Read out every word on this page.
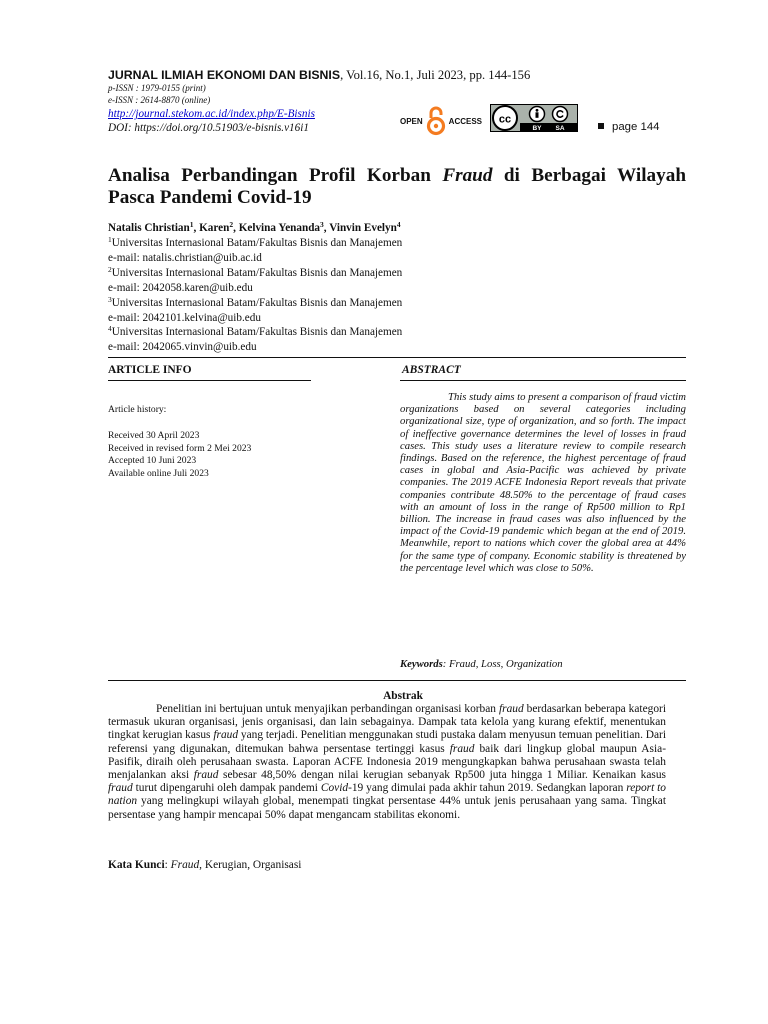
JURNAL ILMIAH EKONOMI DAN BISNIS, Vol.16, No.1, Juli 2023, pp. 144-156
p-ISSN : 1979-0155 (print)
e-ISSN : 2614-8870 (online)
http://journal.stekom.ac.id/index.php/E-Bisnis
DOI: https://doi.org/10.51903/e-bisnis.v16i1
OPEN	ACCESS cc
BY SA	page 144
Analisa Perbandingan Profil Korban Fraud di Berbagai Wilayah Pasca Pandemi Covid-19
Natalis Christian$^1$, Karen$^2$, Kelvina Yenanda$^3$, Vinvin Evelyn$^4$
$^1$Universitas Internasional Batam/Fakultas Bisnis dan Manajemen
e-mail: natalis.christian@uib.ac.id
$^2$Universitas Internasional Batam/Fakultas Bisnis dan Manajemen
e-mail: 2042058.karen@uib.edu
$^3$Universitas Internasional Batam/Fakultas Bisnis dan Manajemen
e-mail: 2042101.kelvina@uib.edu
$^4$Universitas Internasional Batam/Fakultas Bisnis dan Manajemen
e-mail: 2042065.vinvin@uib.edu
ARTICLE INFO	ABSTRACT
Article history:
Received 30 April 2023
Received in revised form 2 Mei 2023
Accepted 10 Juni 2023
Available online Juli 2023
This study aims to present a comparison of fraud victim organizations based on several categories including organizational size, type of organization, and so forth. The impact of ineffective governance determines the level of losses in fraud cases. This study uses a literature review to compile research findings. Based on the reference, the highest percentage of fraud cases in global and Asia-Pacific was achieved by private companies. The 2019 ACFE Indonesia Report reveals that private companies contribute 48.50% to the percentage of fraud cases with an amount of loss in the range of Rp500 million to Rp1 billion. The increase in fraud cases was also influenced by the impact of the Covid-19 pandemic which began at the end of 2019. Meanwhile, report to nations which cover the global area at 44% for the same type of company. Economic stability is threatened by the percentage level which was close to 50%.
Keywords: Fraud, Loss, Organization
Abstrak
Penelitian ini bertujuan untuk menyajikan perbandingan organisasi korban fraud berdasarkan beberapa kategori termasuk ukuran organisasi, jenis organisasi, dan lain sebagainya. Dampak tata kelola yang kurang efektif, menentukan tingkat kerugian kasus fraud yang terjadi. Penelitian menggunakan studi pustaka dalam menyusun temuan penelitian. Dari referensi yang digunakan, ditemukan bahwa persentase tertinggi kasus fraud baik dari lingkup global maupun Asia-Pasifik, diraih oleh perusahaan swasta. Laporan ACFE Indonesia 2019 mengungkapkan bahwa perusahaan swasta telah menjalankan aksi fraud sebesar 48,50% dengan nilai kerugian sebanyak Rp500 juta hingga 1 Miliar. Kenaikan kasus fraud turut dipengaruhi oleh dampak pandemi Covid-19 yang dimulai pada akhir tahun 2019. Sedangkan laporan report to nation yang melingkupi wilayah global, menempati tingkat persentase 44% untuk jenis perusahaan yang sama. Tingkat persentase yang hampir mencapai 50% dapat mengancam stabilitas ekonomi.
Kata Kunci: Fraud, Kerugian, Organisasi
